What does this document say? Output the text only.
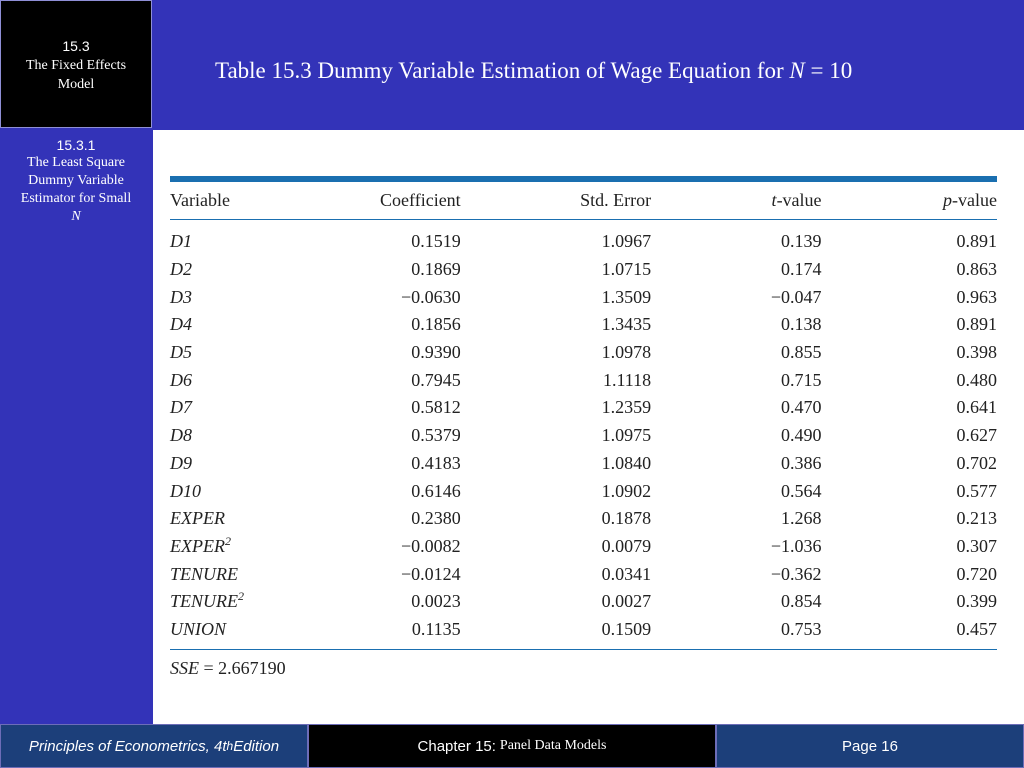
15.3
The Fixed Effects
Model
Table 15.3 Dummy Variable Estimation of Wage Equation for N = 10
15.3.1
The Least Square
Dummy Variable
Estimator for Small
N
Variable	Coefficient	Std. Error	t-value	p-value
D1	0.1519	1.0967	0.139	0.891
D2	0.1869	1.0715	0.174	0.863
D3	−0.0630	1.3509	−0.047	0.963
D4	0.1856	1.3435	0.138	0.891
D5	0.9390	1.0978	0.855	0.398
D6	0.7945	1.1118	0.715	0.480
D7	0.5812	1.2359	0.470	0.641
D8	0.5379	1.0975	0.490	0.627
D9	0.4183	1.0840	0.386	0.702
D10	0.6146	1.0902	0.564	0.577
EXPER	0.2380	0.1878	1.268	0.213
$EXPER^2$	−0.0082	0.0079	−1.036	0.307
TENURE	−0.0124	0.0341	−0.362	0.720
TENURE$^2$	0.0023	0.0027	0.854	0.399
UNION	0.1135	0.1509	0.753	0.457
SSE = 2.667190
Principles of Econometrics, 4t h Edition	Chapter 15: Panel Data Models	Page 16
